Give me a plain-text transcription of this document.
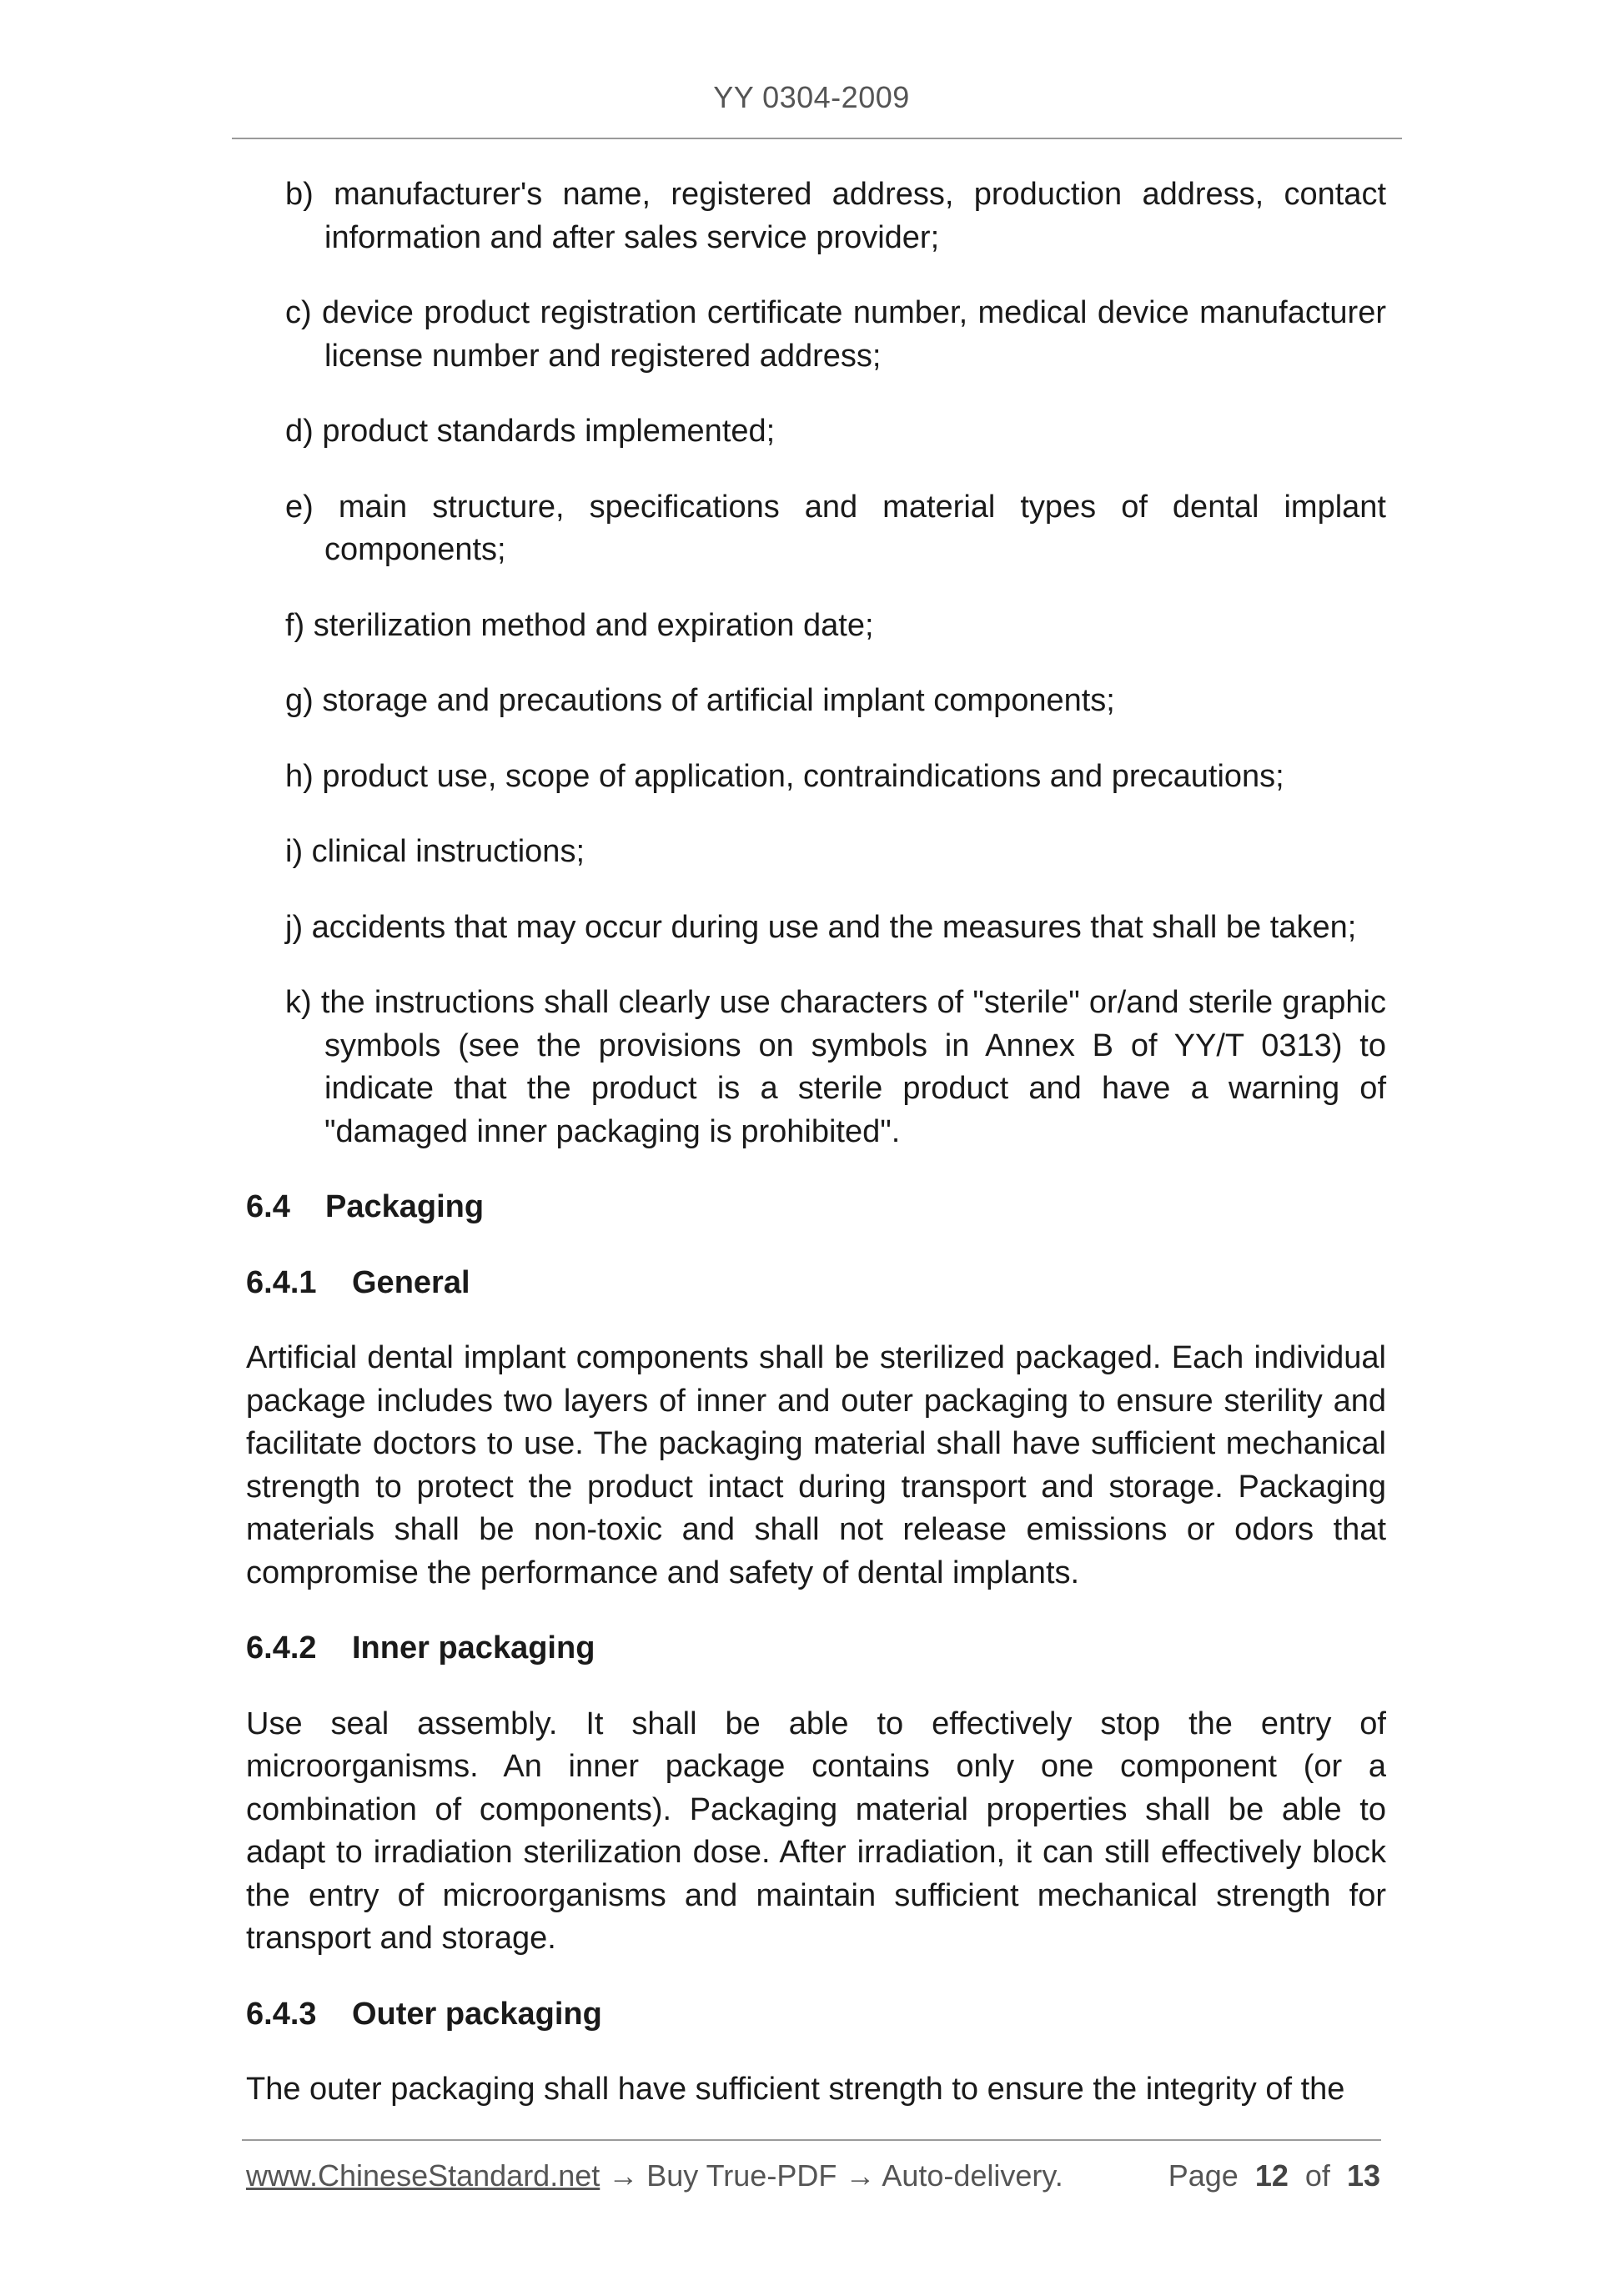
YY 0304-2009
b) manufacturer's name, registered address, production address, contact information and after sales service provider;
c) device product registration certificate number, medical device manufacturer license number and registered address;
d) product standards implemented;
e) main structure, specifications and material types of dental implant components;
f) sterilization method and expiration date;
g) storage and precautions of artificial implant components;
h) product use, scope of application, contraindications and precautions;
i) clinical instructions;
j) accidents that may occur during use and the measures that shall be taken;
k) the instructions shall clearly use characters of "sterile" or/and sterile graphic symbols (see the provisions on symbols in Annex B of YY/T 0313) to indicate that the product is a sterile product and have a warning of "damaged inner packaging is prohibited".
6.4 Packaging
6.4.1 General
Artificial dental implant components shall be sterilized packaged. Each individual package includes two layers of inner and outer packaging to ensure sterility and facilitate doctors to use. The packaging material shall have sufficient mechanical strength to protect the product intact during transport and storage. Packaging materials shall be non-toxic and shall not release emissions or odors that compromise the performance and safety of dental implants.
6.4.2 Inner packaging
Use seal assembly. It shall be able to effectively stop the entry of microorganisms. An inner package contains only one component (or a combination of components). Packaging material properties shall be able to adapt to irradiation sterilization dose. After irradiation, it can still effectively block the entry of microorganisms and maintain sufficient mechanical strength for transport and storage.
6.4.3 Outer packaging
The outer packaging shall have sufficient strength to ensure the integrity of the
www.ChineseStandard.net → Buy True-PDF → Auto-delivery.	Page 12 of 13
